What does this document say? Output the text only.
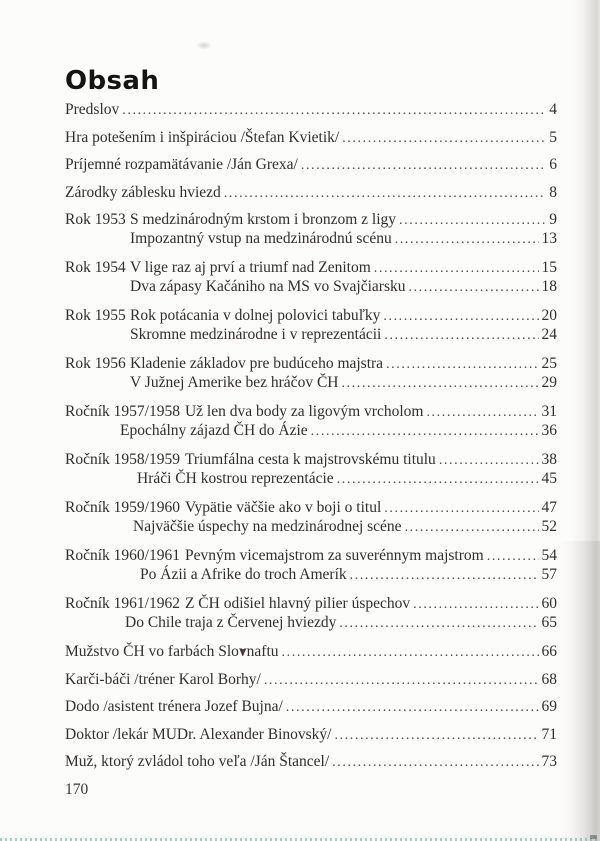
Obsah
Predslov .....	4
Hra potešením i inšpiráciou /Štefan Kvietik/ .....	5
Príjemné rozpamätávanie /Ján Grexa/ .....	6
Zárodky záblesku hviezd .....	8
Rok 1953 S medzinárodným krstom i bronzom z ligy .....	9
Impozantný vstup na medzinárodnú scénu .....	13
Rok 1954 V lige raz aj prví a triumf nad Zenitom .....	15
Dva zápasy Kačániho na MS vo Svajčiarsku .....	18
Rok 1955 Rok potácania v dolnej polovici tabuľky .....	20
Skromne medzinárodne i v reprezentácii .....	24
Rok 1956 Kladenie základov pre budúceho majstra .....	25
V Južnej Amerike bez hráčov ČH .....	29
Ročník 1957/1958 Už len dva body za ligovým vrcholom .....	31
Epochálny zájazd ČH do Ázie .....	36
Ročník 1958/1959 Triumfálna cesta k majstrovskému titulu .....	38
Hráči ČH kostrou reprezentácie .....	45
Ročník 1959/1960 Vypätie väčšie ako v boji o titul .....	47
Najväčšie úspechy na medzinárodnej scéne .....	52
Ročník 1960/1961 Pevným vicemajstrom za suverénnym majstrom .....	54
Po Ázii a Afrike do troch Amerík .....	57
Ročník 1961/1962 Z ČH odišiel hlavný pilier úspechov .....	60
Do Chile traja z Červenej hviezdy .....	65
Mužstvo ČH vo farbách Slovnaftu .....	66
Karči-báči /tréner Karol Borhy/ .....	68
Dodo /asistent trénera Jozef Bujna/ .....	69
Doktor /lekár MUDr. Alexander Binovský/ .....	71
Muž, ktorý zvládol toho veľa /Ján Štancel/ .....	73
170
